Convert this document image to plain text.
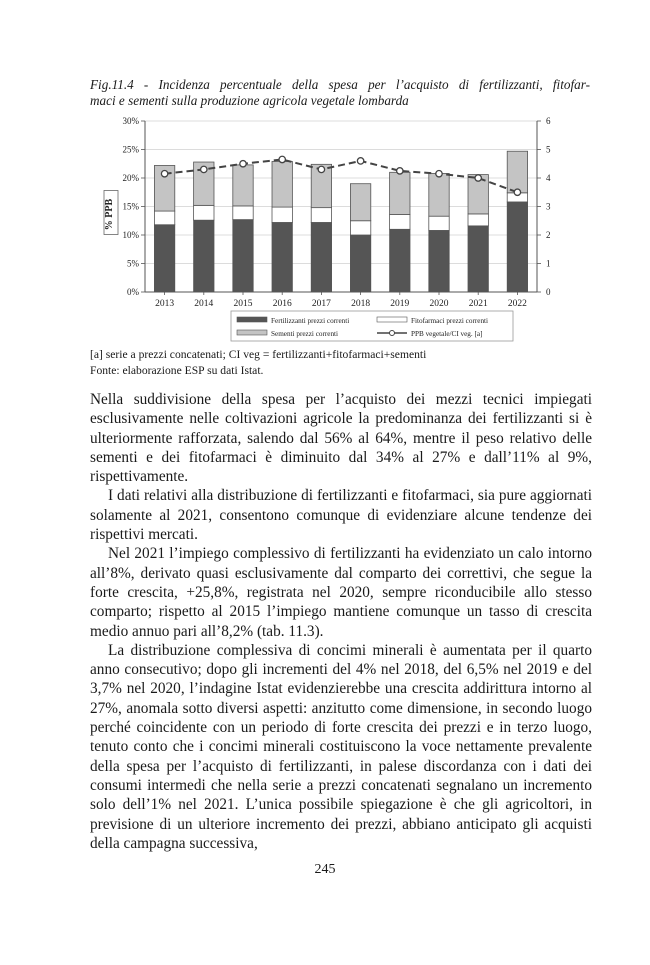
Fig.11.4 - Incidenza percentuale della spesa per l’acquisto di fertilizzanti, fitofar-
maci e sementi sulla produzione agricola vegetale lombarda
0%
5%
10%
15%
20%
25%
30%
0
1
2
3
4
5
6
% PPB
2013 2014 2015 2016 2017 2018 2019 2020 2021 2022
Fertilizzanti prezzi correnti	Fitofarmaci prezzi correnti
Sementi prezzi correnti	PPB vegetale/CI veg. [a]
[a] serie a prezzi concatenati; CI veg = fertilizzanti+fitofarmaci+sementi
Fonte: elaborazione ESP su dati Istat.

Nella suddivisione della spesa per l’acquisto dei mezzi tecnici impiegati esclusivamente nelle coltivazioni agricole la predominanza dei fertilizzanti si è ulteriormente rafforzata, salendo dal 56% al 64%, mentre il peso relativo delle sementi e dei fitofarmaci è diminuito dal 34% al 27% e dall’11% al 9%, rispettivamente.

I dati relativi alla distribuzione di fertilizzanti e fitofarmaci, sia pure aggiornati solamente al 2021, consentono comunque di evidenziare alcune tendenze dei rispettivi mercati.

Nel 2021 l’impiego complessivo di fertilizzanti ha evidenziato un calo intorno all’8%, derivato quasi esclusivamente dal comparto dei correttivi, che segue la forte crescita, +25,8%, registrata nel 2020, sempre riconducibile allo stesso comparto; rispetto al 2015 l’impiego mantiene comunque un tasso di crescita medio annuo pari all’8,2% (tab. 11.3).

La distribuzione complessiva di concimi minerali è aumentata per il quarto anno consecutivo; dopo gli incrementi del 4% nel 2018, del 6,5% nel 2019 e del 3,7% nel 2020, l’indagine Istat evidenzierebbe una crescita addirittura intorno al 27%, anomala sotto diversi aspetti: anzitutto come dimensione, in secondo luogo perché coincidente con un periodo di forte crescita dei prezzi e in terzo luogo, tenuto conto che i concimi minerali costituiscono la voce nettamente prevalente della spesa per l’acquisto di fertilizzanti, in palese discordanza con i dati dei consumi intermedi che nella serie a prezzi concatenati segnalano un incremento solo dell’1% nel 2021. L’unica possibile spiegazione è che gli agricoltori, in previsione di un ulteriore incremento dei prezzi, abbiano anticipato gli acquisti della campagna successiva,

245
